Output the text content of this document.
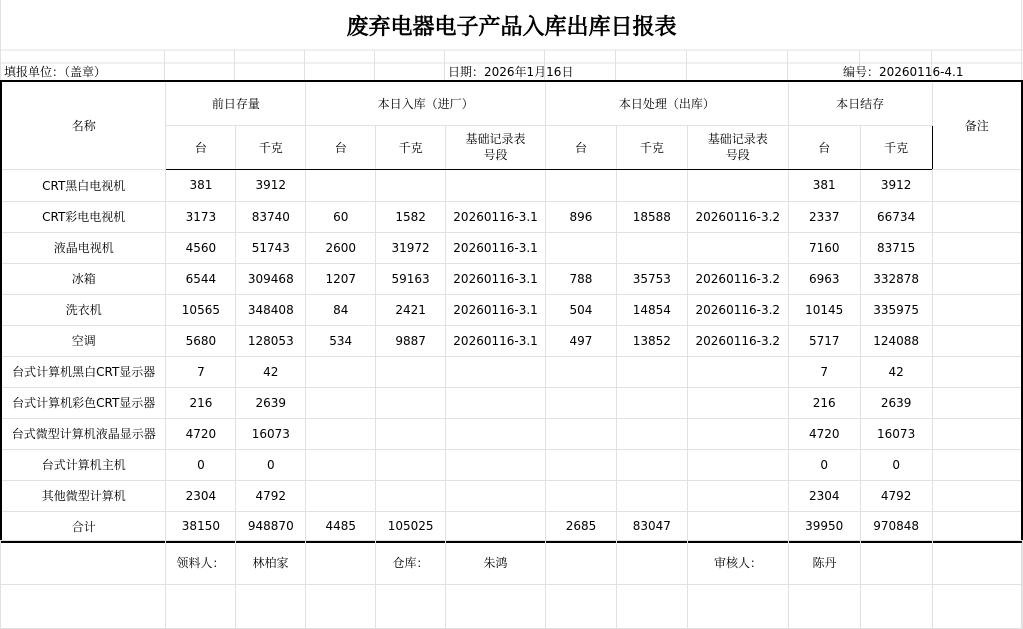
废弃电器电子产品入库出库日报表
填报单位：（盖章）	日期：2026年1月16日	编号：20260116-4.1
名称	前日存量		本日入库（进厂）			本日处理（出库）			本日结存		备注
	台	千克	台	千克	基础记录表号段	台	千克	基础记录表号段	台	千克	
CRT黑白电视机	381	3912							381	3912	
CRT彩电电视机	3173	83740	60	1582	20260116-3.1	896	18588	20260116-3.2	2337	66734	
液晶电视机	4560	51743	2600	31972	20260116-3.1				7160	83715	
冰箱	6544	309468	1207	59163	20260116-3.1	788	35753	20260116-3.2	6963	332878	
洗衣机	10565	348408	84	2421	20260116-3.1	504	14854	20260116-3.2	10145	335975	
空调	5680	128053	534	9887	20260116-3.1	497	13852	20260116-3.2	5717	124088	
台式计算机黑白CRT显示器	7	42							7	42	
台式计算机彩色CRT显示器	216	2639							216	2639	
台式微型计算机液晶显示器	4720	16073							4720	16073	
台式计算机主机	0	0							0	0	
其他微型计算机	2304	4792							2304	4792	
合计	38150	948870	4485	105025		2685	83047		39950	970848	
	领料人：	林柏家		仓库：	朱鸿			审核人：	陈丹		
